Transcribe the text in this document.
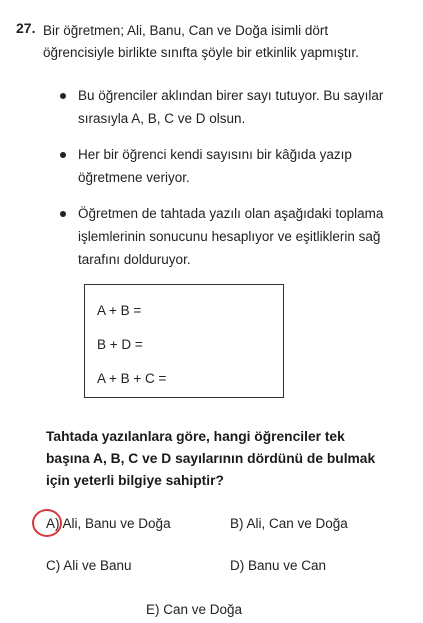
27. Bir öğretmen; Ali, Banu, Can ve Doğa isimli dört öğrencisiyle birlikte sınıfta şöyle bir etkinlik yapmıştır.
Bu öğrenciler aklından birer sayı tutuyor. Bu sayılar sırasıyla A, B, C ve D olsun.
Her bir öğrenci kendi sayısını bir kâğıda yazıp öğretmene veriyor.
Öğretmen de tahtada yazılı olan aşağıdaki toplama işlemlerinin sonucunu hesaplıyor ve eşitliklerin sağ tarafını dolduruyor.
A + B =
B + D =
A + B + C =
Tahtada yazılanlara göre, hangi öğrenciler tek başına A, B, C ve D sayılarının dördünü de bulmak için yeterli bilgiye sahiptir?
A) Ali, Banu ve Doğa	B) Ali, Can ve Doğa
C) Ali ve Banu	D) Banu ve Can
E) Can ve Doğa
